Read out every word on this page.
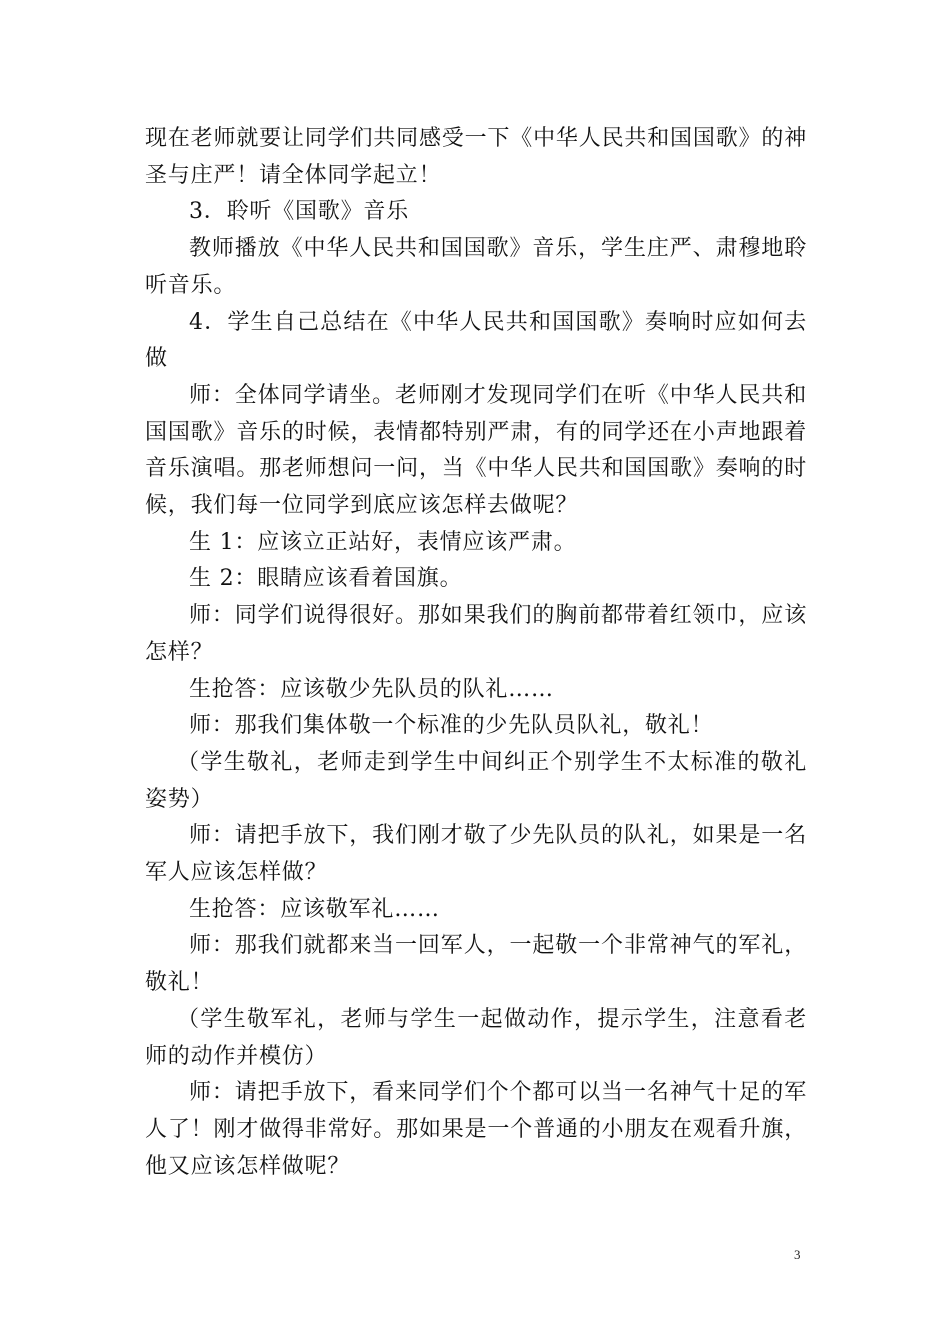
现在老师就要让同学们共同感受一下《中华人民共和国国歌》的神圣与庄严！请全体同学起立！

3．聆听《国歌》音乐

教师播放《中华人民共和国国歌》音乐，学生庄严、肃穆地聆听音乐。

4．学生自己总结在《中华人民共和国国歌》奏响时应如何去做

师：全体同学请坐。老师刚才发现同学们在听《中华人民共和国国歌》音乐的时候，表情都特别严肃，有的同学还在小声地跟着音乐演唱。那老师想问一问，当《中华人民共和国国歌》奏响的时候，我们每一位同学到底应该怎样去做呢？

生 1：应该立正站好，表情应该严肃。

生 2：眼睛应该看着国旗。

师：同学们说得很好。那如果我们的胸前都带着红领巾，应该怎样？

生抢答：应该敬少先队员的队礼……

师：那我们集体敬一个标准的少先队员队礼，敬礼！

（学生敬礼，老师走到学生中间纠正个别学生不太标准的敬礼姿势）

师：请把手放下，我们刚才敬了少先队员的队礼，如果是一名军人应该怎样做？

生抢答：应该敬军礼……

师：那我们就都来当一回军人，一起敬一个非常神气的军礼，敬礼！

（学生敬军礼，老师与学生一起做动作，提示学生，注意看老师的动作并模仿）

师：请把手放下，看来同学们个个都可以当一名神气十足的军人了！刚才做得非常好。那如果是一个普通的小朋友在观看升旗，他又应该怎样做呢？

3
